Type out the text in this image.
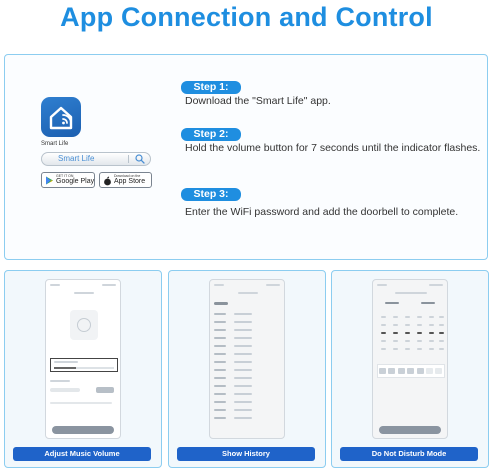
App Connection and Control
Smart Life
Smart Life
GET IT ON
Google Play
Download on the
App Store
Step 1:
Download the "Smart Life" app.
Step 2:
Hold the volume button for 7 seconds until the indicator flashes.
Step 3:
Enter the WiFi password and add the doorbell to complete.
Adjust Music Volume	Show History	Do Not Disturb Mode
